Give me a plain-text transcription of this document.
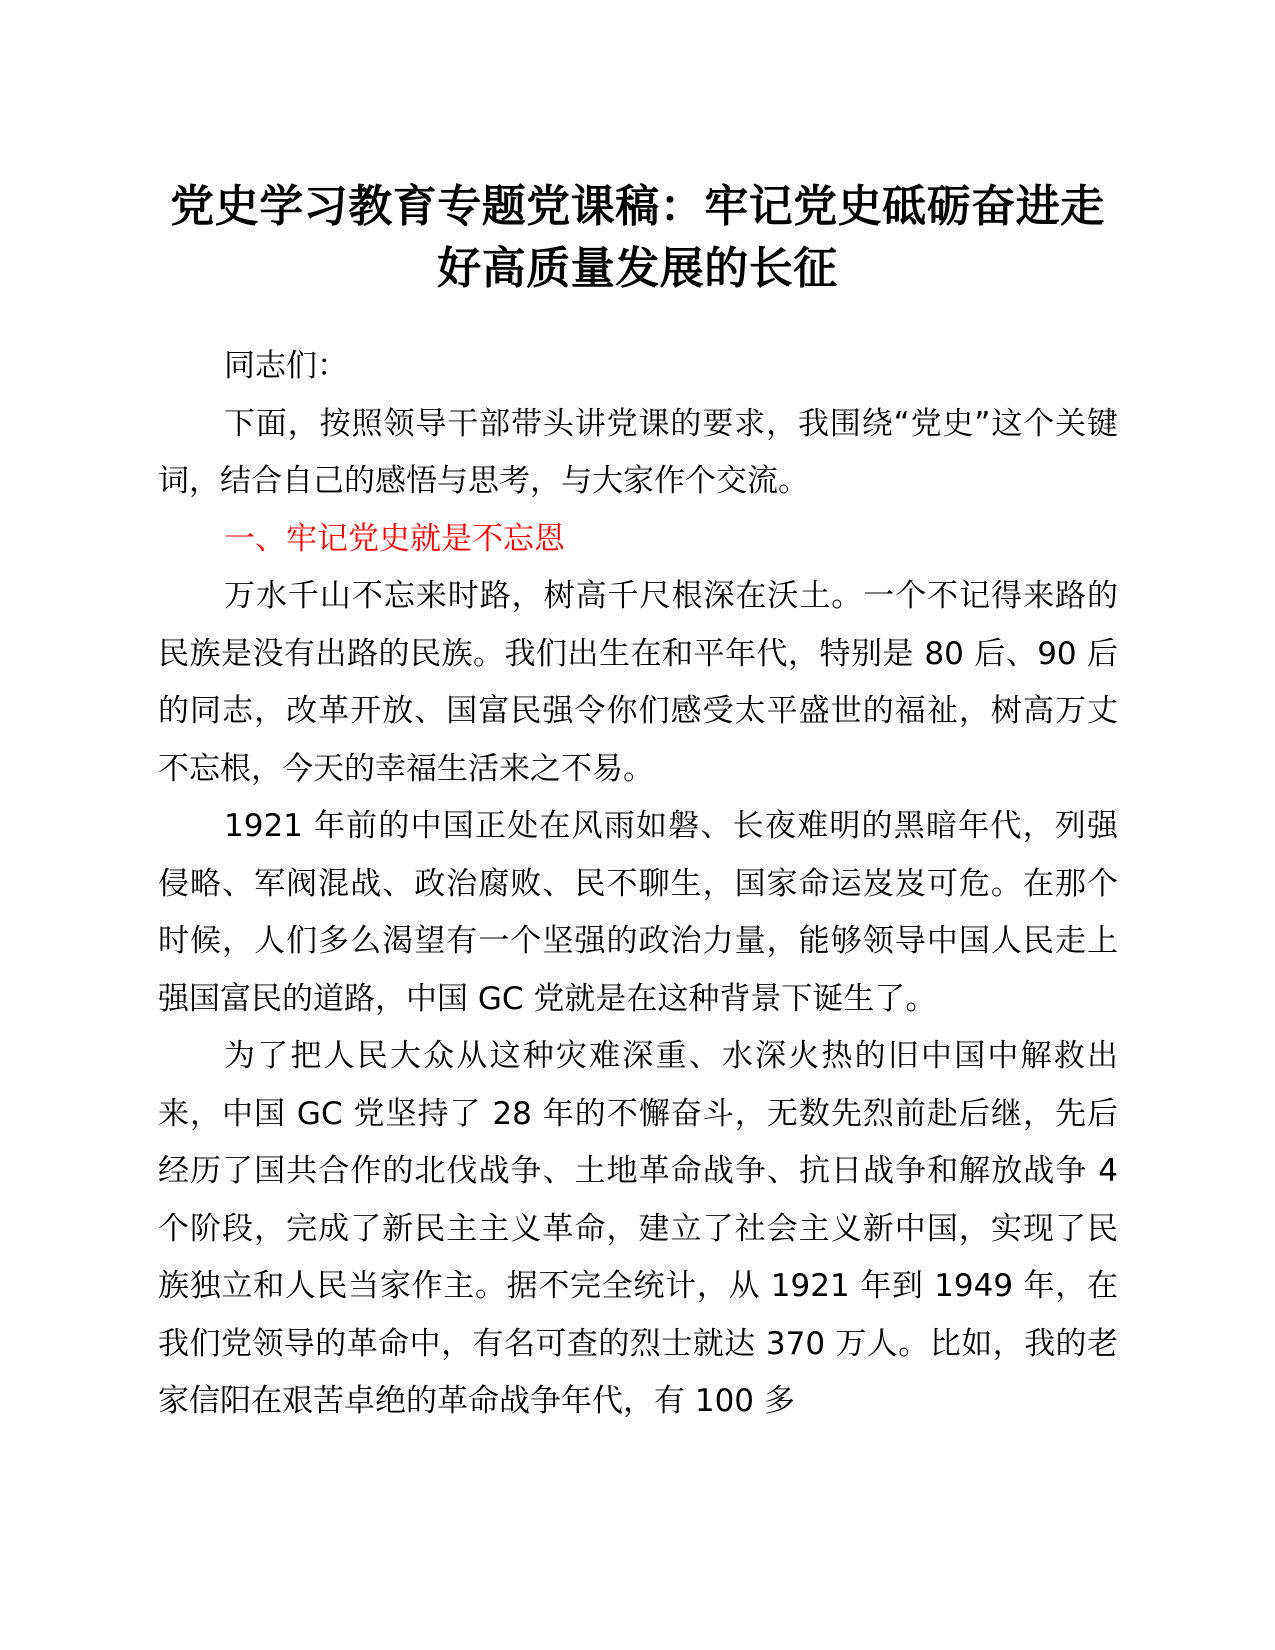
党史学习教育专题党课稿：牢记党史砥砺奋进走
好高质量发展的长征

同志们：

下面，按照领导干部带头讲党课的要求，我围绕“党史”这个关键词，结合自己的感悟与思考，与大家作个交流。

一、牢记党史就是不忘恩

万水千山不忘来时路，树高千尺根深在沃土。一个不记得来路的民族是没有出路的民族。我们出生在和平年代，特别是 80 后、90 后的同志，改革开放、国富民强令你们感受太平盛世的福祉，树高万丈不忘根，今天的幸福生活来之不易。

1921 年前的中国正处在风雨如磐、长夜难明的黑暗年代，列强侵略、军阀混战、政治腐败、民不聊生，国家命运岌岌可危。在那个时候，人们多么渴望有一个坚强的政治力量，能够领导中国人民走上强国富民的道路，中国 GC 党就是在这种背景下诞生了。

为了把人民大众从这种灾难深重、水深火热的旧中国中解救出来，中国 GC 党坚持了 28 年的不懈奋斗，无数先烈前赴后继，先后经历了国共合作的北伐战争、土地革命战争、抗日战争和解放战争 4 个阶段，完成了新民主主义革命，建立了社会主义新中国，实现了民族独立和人民当家作主。据不完全统计，从 1921 年到 1949 年，在我们党领导的革命中，有名可查的烈士就达 370 万人。比如，我的老家信阳在艰苦卓绝的革命战争年代，有 100 多
